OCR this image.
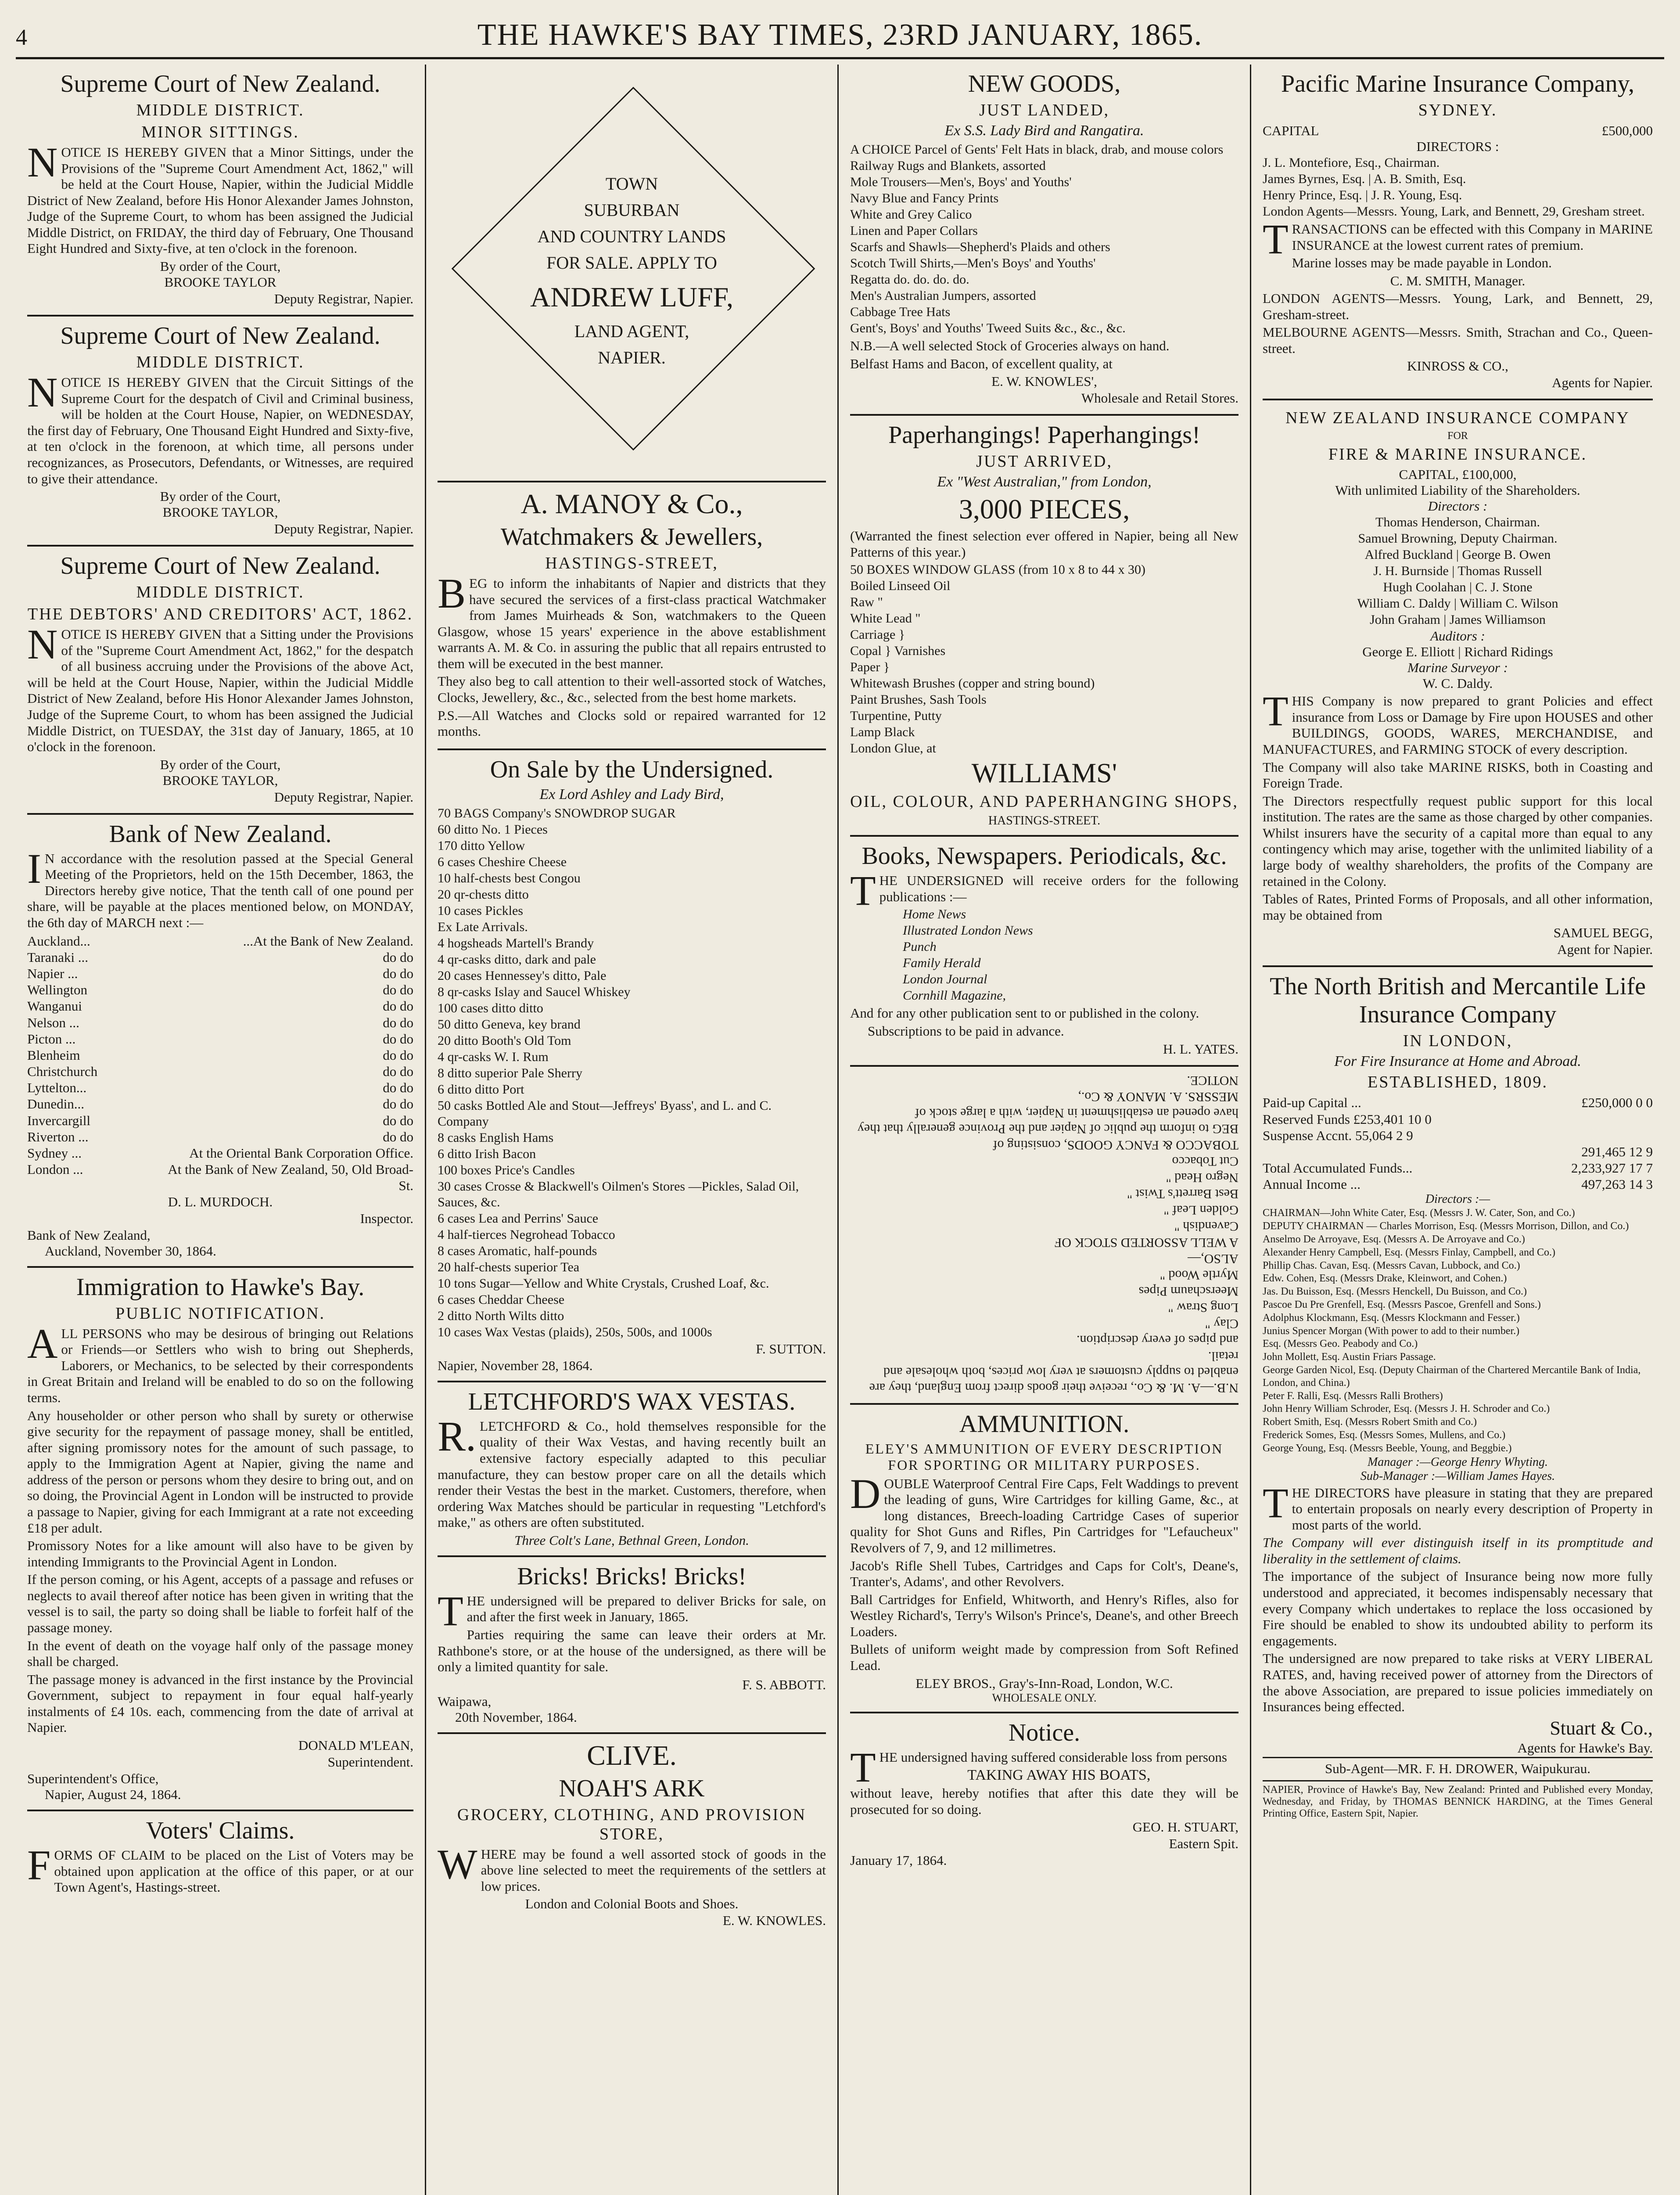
4	THE HAWKE'S BAY TIMES, 23RD JANUARY, 1865.
Supreme Court of New Zealand.
MIDDLE DISTRICT.
MINOR SITTINGS.

NOTICE IS HEREBY GIVEN that a Minor Sittings, under the Provisions of the "Supreme Court Amendment Act, 1862," will be held at the Court House, Napier, within the Judicial Middle District of New Zealand, before His Honor Alexander James Johnston, Judge of the Supreme Court, to whom has been assigned the Judicial Middle District, on FRIDAY, the third day of February, One Thousand Eight Hundred and Sixty-five, at ten o'clock in the forenoon.

By order of the Court,
BROOKE TAYLOR
Deputy Registrar, Napier.
Supreme Court of New Zealand.
MIDDLE DISTRICT.

NOTICE IS HEREBY GIVEN that the Circuit Sittings of the Supreme Court for the despatch of Civil and Criminal business, will be holden at the Court House, Napier, on WEDNESDAY, the first day of February, One Thousand Eight Hundred and Sixty-five, at ten o'clock in the forenoon, at which time, all persons under recognizances, as Prosecutors, Defendants, or Witnesses, are required to give their attendance.

By order of the Court,
BROOKE TAYLOR,
Deputy Registrar, Napier.
Supreme Court of New Zealand.
MIDDLE DISTRICT.
THE DEBTORS' AND CREDITORS' ACT, 1862.

NOTICE IS HEREBY GIVEN that a Sitting under the Provisions of the "Supreme Court Amendment Act, 1862," for the despatch of all business accruing under the Provisions of the above Act, will be held at the Court House, Napier, within the Judicial Middle District of New Zealand, before His Honor Alexander James Johnston, Judge of the Supreme Court, to whom has been assigned the Judicial Middle District, on TUESDAY, the 31st day of January, 1865, at 10 o'clock in the forenoon.

By order of the Court,
BROOKE TAYLOR,
Deputy Registrar, Napier.
Bank of New Zealand.

IN accordance with the resolution passed at the Special General Meeting of the Proprietors, held on the 15th December, 1863, the Directors hereby give notice, That the tenth call of one pound per share, will be payable at the places mentioned below, on MONDAY, the 6th day of MARCH next :—

Auckland...	...At the Bank of New Zealand.
Taranaki ...	do do
Napier ...	do do
Wellington	do do
Wanganui	do do
Nelson ...	do do
Picton ...	do do
Blenheim	do do
Christchurch	do do
Lyttelton...	do do
Dunedin...	do do
Invercargill	do do
Riverton ...	do do
Sydney ...	At the Oriental Bank Corporation Office.
London ...	At the Bank of New Zealand, 50, Old Broad-St.
D. L. MURDOCH.
Inspector.
Bank of New Zealand,
Auckland, November 30, 1864.
Immigration to Hawke's Bay.
PUBLIC NOTIFICATION.

ALL PERSONS who may be desirous of bringing out Relations or Friends—or Settlers who wish to bring out Shepherds, Laborers, or Mechanics, to be selected by their correspondents in Great Britain and Ireland will be enabled to do so on the following terms.

Any householder or other person who shall by surety or otherwise give security for the repayment of passage money, shall be entitled, after signing promissory notes for the amount of such passage, to apply to the Immigration Agent at Napier, giving the name and address of the person or persons whom they desire to bring out, and on so doing, the Provincial Agent in London will be instructed to provide a passage to Napier, giving for each Immigrant at a rate not exceeding £18 per adult.

Promissory Notes for a like amount will also have to be given by intending Immigrants to the Provincial Agent in London.

If the person coming, or his Agent, accepts of a passage and refuses or neglects to avail thereof after notice has been given in writing that the vessel is to sail, the party so doing shall be liable to forfeit half of the passage money.

In the event of death on the voyage half only of the passage money shall be charged.

The passage money is advanced in the first instance by the Provincial Government, subject to repayment in four equal half-yearly instalments of £4 10s. each, commencing from the date of arrival at Napier.

DONALD M'LEAN,
Superintendent.
Superintendent's Office,
Napier, August 24, 1864.
Voters' Claims.

FORMS OF CLAIM to be placed on the List of Voters may be obtained upon application at the office of this paper, or at our Town Agent's, Hastings-street.

TOWN
SUBURBAN
AND COUNTRY LANDS
FOR SALE. APPLY TO
ANDREW LUFF,
LAND AGENT,
NAPIER.
A. MANOY & Co.,
Watchmakers & Jewellers,
HASTINGS-STREET,

BEG to inform the inhabitants of Napier and districts that they have secured the services of a first-class practical Watchmaker from James Muirheads & Son, watchmakers to the Queen Glasgow, whose 15 years' experience in the above establishment warrants A. M. & Co. in assuring the public that all repairs entrusted to them will be executed in the best manner.

They also beg to call attention to their well-assorted stock of Watches, Clocks, Jewellery, &c., &c., selected from the best home markets.

P.S.—All Watches and Clocks sold or repaired warranted for 12 months.

On Sale by the Undersigned.
Ex Lord Ashley and Lady Bird,
70 BAGS Company's SNOWDROP SUGAR
60 ditto No. 1 Pieces
170 ditto Yellow
6 cases Cheshire Cheese
10 half-chests best Congou
20 qr-chests ditto
10 cases Pickles
Ex Late Arrivals.
4 hogsheads Martell's Brandy
4 qr-casks ditto, dark and pale
20 cases Hennessey's ditto, Pale
8 qr-casks Islay and Saucel Whiskey
100 cases ditto ditto
50 ditto Geneva, key brand
20 ditto Booth's Old Tom
4 qr-casks W. I. Rum
8 ditto superior Pale Sherry
6 ditto ditto Port
50 casks Bottled Ale and Stout—Jeffreys' Byass', and L. and C. Company
8 casks English Hams
6 ditto Irish Bacon
100 boxes Price's Candles
30 cases Crosse & Blackwell's Oilmen's Stores —Pickles, Salad Oil, Sauces, &c.
6 cases Lea and Perrins' Sauce
4 half-tierces Negrohead Tobacco
8 cases Aromatic, half-pounds
20 half-chests superior Tea
10 tons Sugar—Yellow and White Crystals, Crushed Loaf, &c.
6 cases Cheddar Cheese
2 ditto North Wilts ditto
10 cases Wax Vestas (plaids), 250s, 500s, and 1000s
F. SUTTON.
Napier, November 28, 1864.
LETCHFORD'S WAX VESTAS.

R.LETCHFORD & Co., hold themselves responsible for the quality of their Wax Vestas, and having recently built an extensive factory especially adapted to this peculiar manufacture, they can bestow proper care on all the details which render their Vestas the best in the market. Customers, therefore, when ordering Wax Matches should be particular in requesting "Letchford's make," as others are often substituted.

Three Colt's Lane, Bethnal Green, London.
Bricks! Bricks! Bricks!

THE undersigned will be prepared to deliver Bricks for sale, on and after the first week in January, 1865.

Parties requiring the same can leave their orders at Mr. Rathbone's store, or at the house of the undersigned, as there will be only a limited quantity for sale.

F. S. ABBOTT.
Waipawa,
20th November, 1864.
CLIVE.
NOAH'S ARK
GROCERY, CLOTHING, AND PROVISION STORE,

WHERE may be found a well assorted stock of goods in the above line selected to meet the requirements of the settlers at low prices.

London and Colonial Boots and Shoes.
E. W. KNOWLES.
NEW GOODS,
JUST LANDED,
Ex S.S. Lady Bird and Rangatira.
A CHOICE Parcel of Gents' Felt Hats in black, drab, and mouse colors
Railway Rugs and Blankets, assorted
Mole Trousers—Men's, Boys' and Youths'
Navy Blue and Fancy Prints
White and Grey Calico
Linen and Paper Collars
Scarfs and Shawls—Shepherd's Plaids and others
Scotch Twill Shirts,—Men's Boys' and Youths'
Regatta do. do. do. do.
Men's Australian Jumpers, assorted
Cabbage Tree Hats
Gent's, Boys' and Youths' Tweed Suits &c., &c., &c.

N.B.—A well selected Stock of Groceries always on hand.

Belfast Hams and Bacon, of excellent quality, at

E. W. KNOWLES',
Wholesale and Retail Stores.
Paperhangings! Paperhangings!
JUST ARRIVED,
Ex "West Australian," from London,
3,000 PIECES,

(Warranted the finest selection ever offered in Napier, being all New Patterns of this year.)

50 BOXES WINDOW GLASS (from 10 x 8 to 44 x 30)
Boiled Linseed Oil
Raw "
White Lead "
Carriage }
Copal } Varnishes
Paper }
Whitewash Brushes (copper and string bound)
Paint Brushes, Sash Tools
Turpentine, Putty
Lamp Black
London Glue, at
WILLIAMS'
OIL, COLOUR, AND PAPERHANGING SHOPS,
HASTINGS-STREET.
Books, Newspapers. Periodicals, &c.

THE UNDERSIGNED will receive orders for the following publications :—

Home News
Illustrated London News
Punch
Family Herald
London Journal
Cornhill Magazine,

And for any other publication sent to or published in the colony.

Subscriptions to be paid in advance.

H. L. YATES.
N.B.—A. M. & Co., receive their goods direct from England, they are enabled to supply customers at very low prices, both wholesale and retail.
and pipes of every description.
Clay "
Long Straw "
Meerschaum Pipes
Myrtle Wood "
ALSO,—
A WELL ASSORTED STOCK OF
Cavendish "
Golden Leaf "
Best Barrett's Twist "
Negro Head "
Cut Tobacco
TOBACCO & FANCY GOODS, consisting of
BEG to inform the public of Napier and the Province generally that they have opened an establishment in Napier, with a large stock of
MESSRS. A. MANOY & Co.,
NOTICE.
AMMUNITION.
ELEY'S AMMUNITION OF EVERY DESCRIPTION FOR SPORTING OR MILITARY PURPOSES.

DOUBLE Waterproof Central Fire Caps, Felt Waddings to prevent the leading of guns, Wire Cartridges for killing Game, &c., at long distances, Breech-loading Cartridge Cases of superior quality for Shot Guns and Rifles, Pin Cartridges for "Lefaucheux" Revolvers of 7, 9, and 12 millimetres.

Jacob's Rifle Shell Tubes, Cartridges and Caps for Colt's, Deane's, Tranter's, Adams', and other Revolvers.

Ball Cartridges for Enfield, Whitworth, and Henry's Rifles, also for Westley Richard's, Terry's Wilson's Prince's, Deane's, and other Breech Loaders.

Bullets of uniform weight made by compression from Soft Refined Lead.

ELEY BROS., Gray's-Inn-Road, London, W.C.
WHOLESALE ONLY.
Notice.

THE undersigned having suffered considerable loss from persons

TAKING AWAY HIS BOATS,

without leave, hereby notifies that after this date they will be prosecuted for so doing.

GEO. H. STUART,
Eastern Spit.
January 17, 1864.
Pacific Marine Insurance Company,
SYDNEY.
CAPITAL	£500,000
DIRECTORS :
J. L. Montefiore, Esq., Chairman.
James Byrnes, Esq. | A. B. Smith, Esq.
Henry Prince, Esq. | J. R. Young, Esq.
London Agents—Messrs. Young, Lark, and Bennett, 29, Gresham street.

TRANSACTIONS can be effected with this Company in MARINE INSURANCE at the lowest current rates of premium.

Marine losses may be made payable in London.

C. M. SMITH, Manager.

LONDON AGENTS—Messrs. Young, Lark, and Bennett, 29, Gresham-street.

MELBOURNE AGENTS—Messrs. Smith, Strachan and Co., Queen-street.

KINROSS & CO.,
Agents for Napier.
NEW ZEALAND INSURANCE COMPANY
FOR
FIRE & MARINE INSURANCE.
CAPITAL, £100,000,
With unlimited Liability of the Shareholders.
Directors :
Thomas Henderson, Chairman.
Samuel Browning, Deputy Chairman.
Alfred Buckland | George B. Owen
J. H. Burnside | Thomas Russell
Hugh Coolahan | C. J. Stone
William C. Daldy | William C. Wilson
John Graham | James Williamson
Auditors :
George E. Elliott | Richard Ridings
Marine Surveyor :
W. C. Daldy.

THIS Company is now prepared to grant Policies and effect insurance from Loss or Damage by Fire upon HOUSES and other BUILDINGS, GOODS, WARES, MERCHANDISE, and MANUFACTURES, and FARMING STOCK of every description.

The Company will also take MARINE RISKS, both in Coasting and Foreign Trade.

The Directors respectfully request public support for this local institution. The rates are the same as those charged by other companies. Whilst insurers have the security of a capital more than equal to any contingency which may arise, together with the unlimited liability of a large body of wealthy shareholders, the profits of the Company are retained in the Colony.

Tables of Rates, Printed Forms of Proposals, and all other information, may be obtained from

SAMUEL BEGG,
Agent for Napier.
The North British and Mercantile Life Insurance Company
IN LONDON,
For Fire Insurance at Home and Abroad.
ESTABLISHED, 1809.
Paid-up Capital ...	£250,000 0 0
Reserved Funds £253,401 10 0
Suspense Accnt. 55,064 2 9
291,465 12 9
Total Accumulated Funds...	2,233,927 17 7
Annual Income ...	497,263 14 3
Directors :—
CHAIRMAN—John White Cater, Esq. (Messrs J. W. Cater, Son, and Co.)
DEPUTY CHAIRMAN — Charles Morrison, Esq. (Messrs Morrison, Dillon, and Co.)
Anselmo De Arroyave, Esq. (Messrs A. De Arroyave and Co.)
Alexander Henry Campbell, Esq. (Messrs Finlay, Campbell, and Co.)
Phillip Chas. Cavan, Esq. (Messrs Cavan, Lubbock, and Co.)
Edw. Cohen, Esq. (Messrs Drake, Kleinwort, and Cohen.)
Jas. Du Buisson, Esq. (Messrs Henckell, Du Buisson, and Co.)
Pascoe Du Pre Grenfell, Esq. (Messrs Pascoe, Grenfell and Sons.)
Adolphus Klockmann, Esq. (Messrs Klockmann and Fesser.)
Junius Spencer Morgan (With power to add to their number.)
Esq. (Messrs Geo. Peabody and Co.)
John Mollett, Esq. Austin Friars Passage.
George Garden Nicol, Esq. (Deputy Chairman of the Chartered Mercantile Bank of India, London, and China.)
Peter F. Ralli, Esq. (Messrs Ralli Brothers)
John Henry William Schroder, Esq. (Messrs J. H. Schroder and Co.)
Robert Smith, Esq. (Messrs Robert Smith and Co.)
Frederick Somes, Esq. (Messrs Somes, Mullens, and Co.)
George Young, Esq. (Messrs Beeble, Young, and Beggbie.)
Manager :—George Henry Whyting.
Sub-Manager :—William James Hayes.

THE DIRECTORS have pleasure in stating that they are prepared to entertain proposals on nearly every description of Property in most parts of the world.

The Company will ever distinguish itself in its promptitude and liberality in the settlement of claims.

The importance of the subject of Insurance being now more fully understood and appreciated, it becomes indispensably necessary that every Company which undertakes to replace the loss occasioned by Fire should be enabled to show its undoubted ability to perform its engagements.

The undersigned are now prepared to take risks at VERY LIBERAL RATES, and, having received power of attorney from the Directors of the above Association, are prepared to issue policies immediately on Insurances being effected.

Stuart & Co.,
Agents for Hawke's Bay.
Sub-Agent—MR. F. H. DROWER, Waipukurau.
NAPIER, Province of Hawke's Bay, New Zealand: Printed and Published every Monday, Wednesday, and Friday, by THOMAS BENNICK HARDING, at the Times General Printing Office, Eastern Spit, Napier.
